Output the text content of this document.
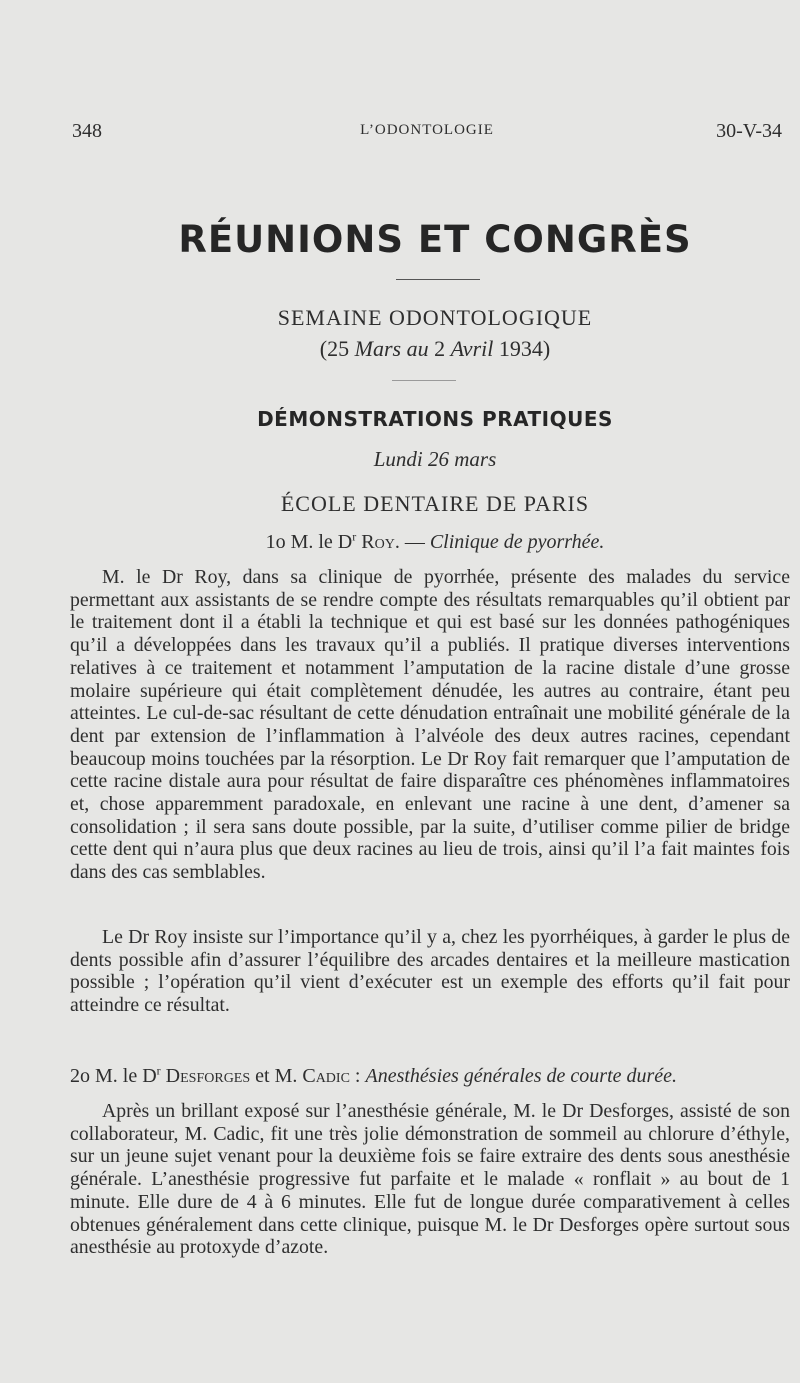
348	L’ODONTOLOGIE	30-V-34
RÉUNIONS ET CONGRÈS
SEMAINE ODONTOLOGIQUE
(25 Mars au 2 Avril 1934)
DÉMONSTRATIONS PRATIQUES
Lundi 26 mars
ÉCOLE DENTAIRE DE PARIS
1o M. le $D^r$ Roy. — Clinique de pyorrhée.

M. le Dr Roy, dans sa clinique de pyorrhée, présente des malades du service permettant aux assistants de se rendre compte des résultats remarquables qu’il obtient par le traitement dont il a établi la technique et qui est basé sur les données pathogéniques qu’il a développées dans les travaux qu’il a publiés. Il pratique diverses interventions relatives à ce traitement et notamment l’amputation de la racine distale d’une grosse molaire supérieure qui était complètement dénudée, les autres au contraire, étant peu atteintes. Le cul-de-sac résultant de cette dénudation entraînait une mobilité générale de la dent par extension de l’inflammation à l’alvéole des deux autres racines, cependant beaucoup moins touchées par la résorption. Le Dr Roy fait remarquer que l’amputation de cette racine distale aura pour résultat de faire disparaître ces phénomènes inflammatoires et, chose apparemment paradoxale, en enlevant une racine à une dent, d’amener sa consolidation ; il sera sans doute possible, par la suite, d’utiliser comme pilier de bridge cette dent qui n’aura plus que deux racines au lieu de trois, ainsi qu’il l’a fait maintes fois dans des cas semblables.

Le Dr Roy insiste sur l’importance qu’il y a, chez les pyorrhéiques, à garder le plus de dents possible afin d’assurer l’équilibre des arcades dentaires et la meilleure mastication possible ; l’opération qu’il vient d’exécuter est un exemple des efforts qu’il fait pour atteindre ce résultat.

2o M. le $D^r$ Desforges et M. Cadic : Anesthésies générales de courte durée.

Après un brillant exposé sur l’anesthésie générale, M. le Dr Desforges, assisté de son collaborateur, M. Cadic, fit une très jolie démonstration de sommeil au chlorure d’éthyle, sur un jeune sujet venant pour la deuxième fois se faire extraire des dents sous anesthésie générale. L’anesthésie progressive fut parfaite et le malade « ronflait » au bout de 1 minute. Elle dure de 4 à 6 minutes. Elle fut de longue durée comparativement à celles obtenues généralement dans cette clinique, puisque M. le Dr Desforges opère surtout sous anesthésie au protoxyde d’azote.
